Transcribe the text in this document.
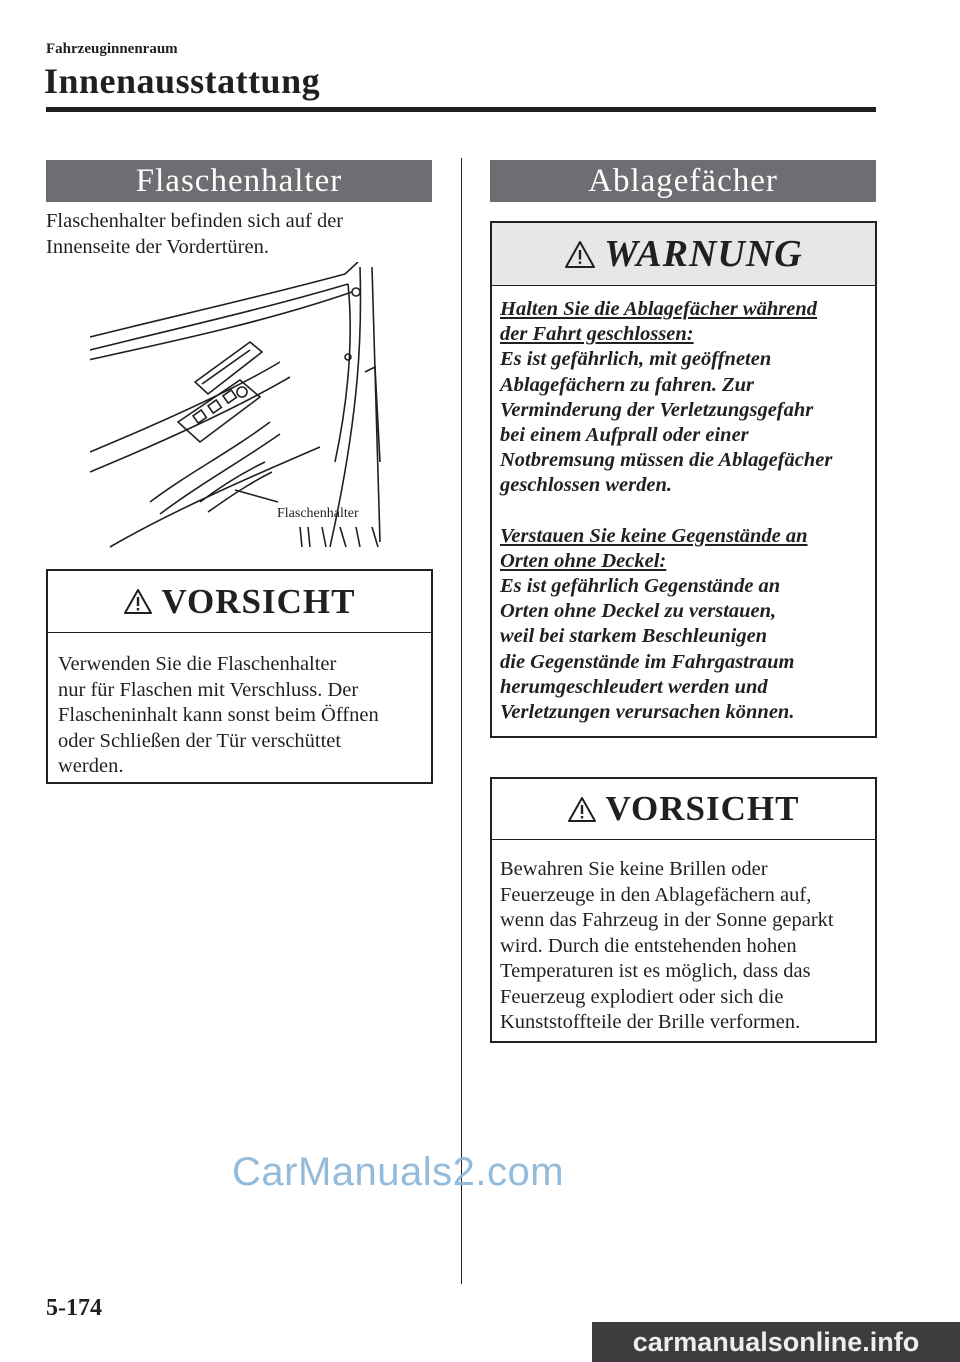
Fahrzeuginnenraum
Innenausstattung
Flaschenhalter
Flaschenhalter befinden sich auf der
Innenseite der Vordertüren.
Flaschenhalter
VORSICHT
Verwenden Sie die Flaschenhalter
nur für Flaschen mit Verschluss. Der
Flascheninhalt kann sonst beim Öffnen
oder Schließen der Tür verschüttet
werden.
Ablagefächer
WARNUNG
Halten Sie die Ablagefächer während
der Fahrt geschlossen:
Es ist gefährlich, mit geöffneten
Ablagefächern zu fahren. Zur
Verminderung der Verletzungsgefahr
bei einem Aufprall oder einer
Notbremsung müssen die Ablagefächer
geschlossen werden.
Verstauen Sie keine Gegenstände an
Orten ohne Deckel:
Es ist gefährlich Gegenstände an
Orten ohne Deckel zu verstauen,
weil bei starkem Beschleunigen
die Gegenstände im Fahrgastraum
herumgeschleudert werden und
Verletzungen verursachen können.
VORSICHT
Bewahren Sie keine Brillen oder
Feuerzeuge in den Ablagefächern auf,
wenn das Fahrzeug in der Sonne geparkt
wird. Durch die entstehenden hohen
Temperaturen ist es möglich, dass das
Feuerzeug explodiert oder sich die
Kunststoffteile der Brille verformen.
CarManuals2.com
5-174
carmanualsonline.info
